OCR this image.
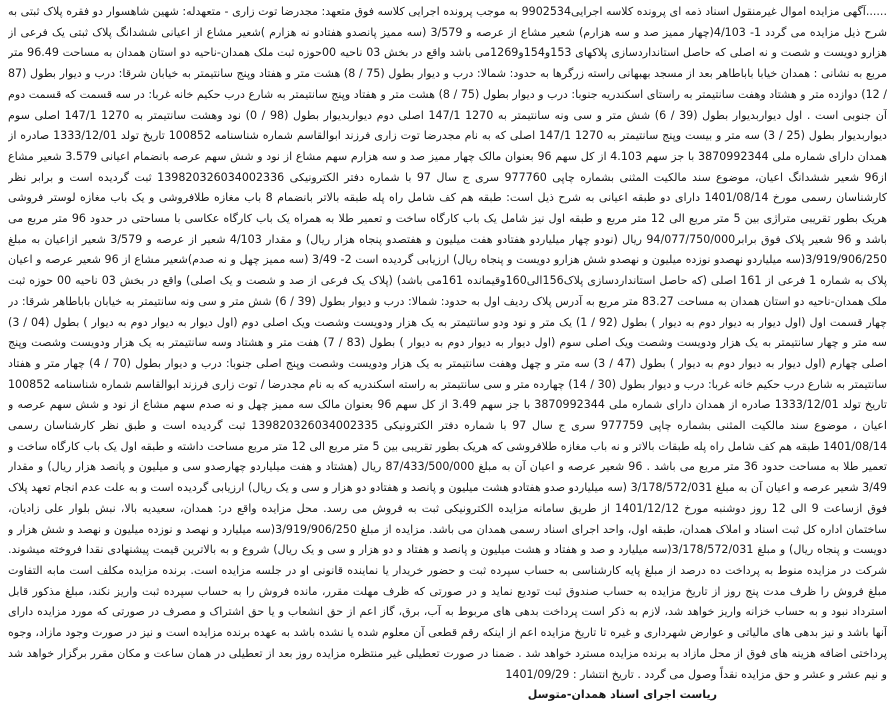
......آگهی مزایده اموال غیرمنقول اسناد ذمه ای پرونده کلاسه اجرایی9902534 به موجب پرونده اجرایی کلاسه فوق متعهد: مجدرضا توت زاری - متعهدله: شهین شاهسوار دو فقره پلاک ثبتی به شرح ذیل مزایده می گردد 1- 4/103(چهار مميز صد و سه هزارم) شعیر مشاع از عرصه و 3/579 (سه مميز پانصدو هفتادو نه هزارم )شعیر مشاع از اعیانی ششدانگ پلاک ثبتی یک فرعی از هزارو دویست و شصت و نه اصلی که حاصل استانداردسازی پلاکهای 153و154و1269می باشد واقع در بخش 03 ناحیه 00حوزه ثبت ملک همدان-ناحیه دو استان همدان به مساحت 96.49 متر مربع به نشانی : همدان خیابا باباطاهر بعد از مسجد بهبهانی راسته زرگرها به حدود: شمالا: درب و دیوار بطول (75 / 8) هشت متر و هفتاد وپنج سانتیمتر به خیابان شرقا: درب و دیوار بطول (87 / 12) دوازده متر و هشتاد وهفت سانتیمتر به راستای اسکندریه جنوبا: درب و دیوار بطول (75 / 8) هشت متر و هفتاد وپنج سانتیمتر به شارع درب حکیم خانه غربا: در سه قسمت که قسمت دوم آن جنوبی است . اول دیواربدیوار بطول (39 / 6) شش متر و سی ونه سانتیمتر به 1270 147/1 اصلی دوم دیواربدیوار بطول (98 / 0) نود وهشت سانتیمتر به 1270 147/1 اصلی سوم دیواربدیوار بطول (25 / 3) سه متر و بیست وپنج سانتیمتر به 1270 147/1 اصلی که به نام مجدرضا توت زاری فرزند ابوالقاسم شماره شناسنامه 100852 تاریخ تولد 1333/12/01 صادره از همدان دارای شماره ملی 3870992344 با جز سهم 4.103 از کل سهم 96 بعنوان مالک چهار مميز صد و سه هزارم سهم مشاع از نود و شش سهم عرصه بانضمام اعیانی 3.579 شعیر مشاع از96 شعیر ششدانگ اعیان، موضوع سند مالکیت المثنی بشماره چاپی 977760 سری ج سال 97 با شماره دفتر الکترونیکی 139820326034002336 ثبت گردیده است و برابر نظر کارشناسان رسمی مورخ 1401/08/14 دارای دو طبقه اعیانی به شرح ذیل است: طبقه هم کف شامل راه پله طبقه بالاتر بانضمام 8 باب مغازه طلافروشی و یک باب مغازه لوستر فروشی هریک بطور تقریبی متراژی بین 5 متر مربع الی 12 متر مربع و طبقه اول نیز شامل یک باب کارگاه ساخت و تعمیر طلا به همراه یک باب کارگاه عکاسی با مساحتی در حدود 96 متر مربع می باشد و 96 شعیر پلاک فوق برابر94/077/750/000 ریال (نودو چهار میلیاردو هفتادو هفت میلیون و هفتصدو پنجاه هزار ریال) و مقدار 4/103 شعیر از عرصه و 3/579 شعیر ازاعیان به مبلغ 3/919/906/250(سه میلیاردو نهصدو نوزده میلیون و نهصدو شش هزارو دویست و پنجاه ریال) ارزیابی گردیده است 2- 3/49 (سه مميز چهل و نه صدم)شعیر مشاع از 96 شعیر عرصه و اعیان پلاک به شماره 1 فرعی از 161 اصلی (که حاصل استانداردسازی پلاک156الی160وقیمانده 161می باشد) (پلاک یک فرعی از صد و شصت و یک اصلی) واقع در بخش 03 ناحیه 00 حوزه ثبت ملک همدان-ناحیه دو استان همدان به مساحت 83.27 متر مربع به آدرس پلاک ردیف اول به حدود: شمالا: درب و دیوار بطول (39 / 6) شش متر و سی ونه سانتیمتر به خیابان باباطاهر شرقا: در چهار قسمت اول (اول دیوار به دیوار دوم به دیوار ) بطول (92 / 1) یک متر و نود ودو سانتیمتر به یک هزار ودویست وشصت ویک اصلی دوم (اول دیوار به دیوار دوم به دیوار ) بطول (04 / 3) سه متر و چهار سانتیمتر به یک هزار ودویست وشصت ویک اصلی سوم (اول دیوار به دیوار دوم به دیوار ) بطول (83 / 7) هفت متر و هشتاد وسه سانتیمتر به یک هزار ودویست وشصت وپنج اصلی چهارم (اول دیوار به دیوار دوم به دیوار ) بطول (47 / 3) سه متر و چهل وهفت سانتیمتر به یک هزار ودویست وشصت وپنج اصلی جنوبا: درب و دیوار بطول (70 / 4) چهار متر و هفتاد سانتیمتر به شارع درب حکیم خانه غربا: درب و دیوار بطول (30 / 14) چهارده متر و سی سانتیمتر به راسته اسکندریه که به نام مجدرضا / توت زاری فرزند ابوالقاسم شماره شناسنامه 100852 تاریخ تولد 1333/12/01 صادره از همدان دارای شماره ملی 3870992344 با جز سهم 3.49 از کل سهم 96 بعنوان مالک سه مميز چهل و نه صدم سهم مشاع از نود و شش سهم عرصه و اعیان ، موضوع سند مالکیت المثنی بشماره چاپی 977759 سری ج سال 97 با شماره دفتر الکترونیکی 139820326034002335 ثبت گردیده است و طبق نظر کارشناسان رسمی 1401/08/14 طبقه هم کف شامل راه پله طبقات بالاتر و نه باب مغازه طلافروشی که هریک بطور تقریبی بین 5 متر مربع الی 12 متر مربع مساحت داشته و طبقه اول یک باب کارگاه ساخت و تعمیر طلا به مساحت حدود 36 متر مربع می باشد . 96 شعیر عرصه و اعیان آن به مبلغ 87/433/500/000 ریال (هشتاد و هفت میلیاردو چهارصدو سی و میلیون و پانصد هزار ریال) و مقدار 3/49 شعیر عرصه و اعیان آن به مبلغ 3/178/572/031 (سه میلیاردو صدو هفتادو هشت میلیون و پانصد و هفتادو دو هزار و سی و یک ریال) ارزیابی گردیده است و به علت عدم انجام تعهد پلاک فوق ازساعت 9 الی 12 روز دوشنبه مورخ 1401/12/12 از طریق سامانه مزایده الکترونیکی ثبت به فروش می رسد. محل مزایده واقع در: همدان، سعیدیه بالا، نبش بلوار علی زادیان، ساختمان اداره کل ثبت اسناد و املاک همدان، طبقه اول، واحد اجرای اسناد رسمی همدان می باشد. مزایده از مبلغ 3/919/906/250(سه میلیارد و نهصد و نوزده میلیون و نهصد و شش هزار و دویست و پنجاه ریال) و مبلغ 3/178/572/031(سه میلیارد و صد و هفتاد و هشت میلیون و پانصد و هفتاد و دو هزار و سی و یک ریال) شروع و به بالاترین قیمت پیشنهادی نقدا فروخته میشوند. شرکت در مزایده منوط به پرداخت ده درصد از مبلغ پایه کارشناسی به حساب سپرده ثبت و حضور خریدار یا نماینده قانونی او در جلسه مزایده است. برنده مزایده مکلف است مابه التفاوت مبلغ فروش را ظرف مدت پنج روز از تاریخ مزایده به حساب صندوق ثبت تودیع نماید و در صورتی که ظرف مهلت مقرر، مانده فروش را به حساب سپرده ثبت واریز نکند، مبلغ مذکور قابل استرداد نبود و به حساب خزانه واریز خواهد شد، لازم به ذکر است پرداخت بدهی های مربوط به آب، برق، گاز اعم از حق انشعاب و یا حق اشتراک و مصرف در صورتی که مورد مزایده دارای آنها باشد و نیز بدهی های مالیاتی و عوارض شهرداری و غیره تا تاریخ مزایده اعم از اینکه رقم قطعی آن معلوم شده یا نشده باشد به عهده برنده مزایده است و نیز در صورت وجود مازاد، وجوه پرداختی اضافه هزینه های فوق از محل مازاد به برنده مزایده مسترد خواهد شد . ضمنا در صورت تعطیلی غیر منتظره مزایده روز بعد از تعطیلی در همان ساعت و مکان مقرر برگزار خواهد شد و نیم عشر و عشر و حق مزایده نقداً وصول می گردد . تاریخ انتشار : 1401/09/29

ریاست اجرای اسناد همدان-متوسل
